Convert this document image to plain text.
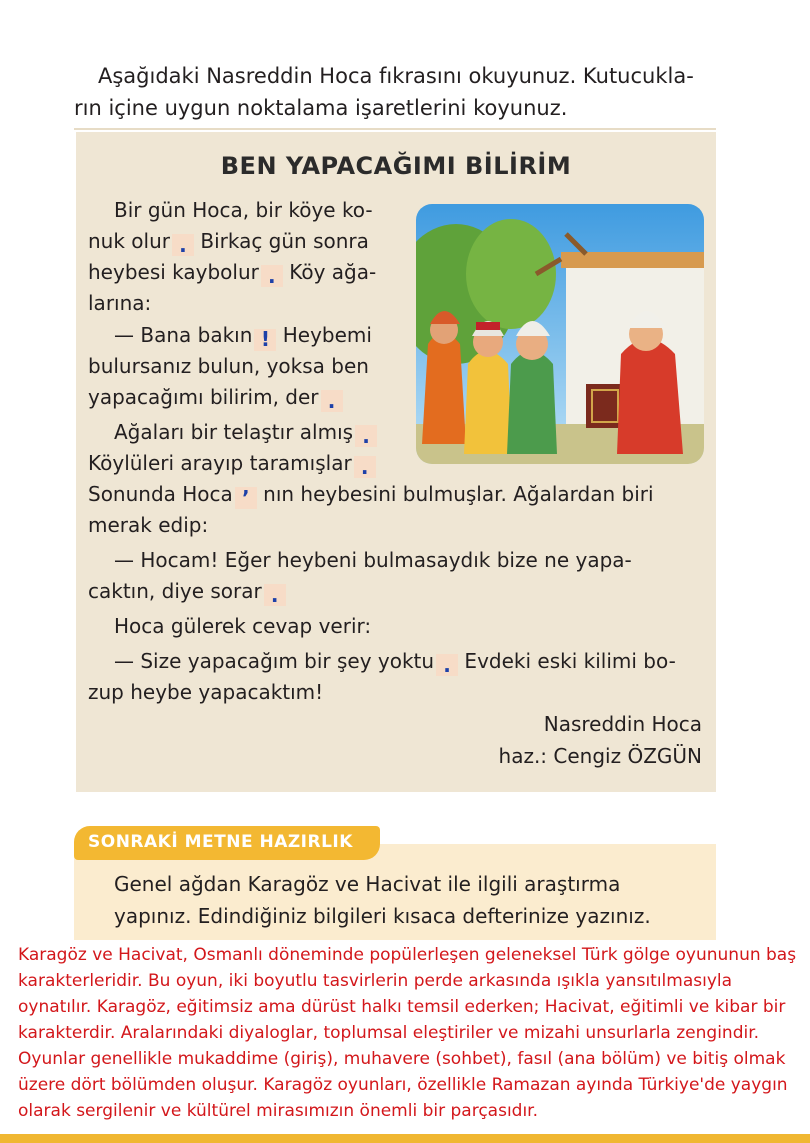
Aşağıdaki Nasreddin Hoca fıkrasını okuyunuz. Kutucukla-
rın içine uygun noktalama işaretlerini koyunuz.
BEN YAPACAĞIMI BİLİRİM
Bir gün Hoca, bir köye ko-
nuk olur . Birkaç gün sonra
heybesi kaybolur . Köy ağa-
larına:
— Bana bakın ! Heybemi
bulursanız bulun, yoksa ben
yapacağımı bilirim, der .
Ağaları bir telaştır almış .
Köylüleri arayıp taramışlar .
Sonunda Hoca ’ nın heybesini bulmuşlar. Ağalardan biri
merak edip:
— Hocam! Eğer heybeni bulmasaydık bize ne yapa-
caktın, diye sorar .
Hoca gülerek cevap verir:
— Size yapacağım bir şey yoktu . Evdeki eski kilimi bo-
zup heybe yapacaktım!
Nasreddin Hoca
haz.: Cengiz ÖZGÜN

Genel ağdan Karagöz ve Hacivat ile ilgili araştırma yapınız. Edindiğiniz bilgileri kısaca defterinize yazınız.

SONRAKİ METNE HAZIRLIK
Karagöz ve Hacivat, Osmanlı döneminde popülerleşen geleneksel Türk gölge oyununun baş karakterleridir. Bu oyun, iki boyutlu tasvirlerin perde arkasında ışıkla yansıtılmasıyla oynatılır. Karagöz, eğitimsiz ama dürüst halkı temsil ederken; Hacivat, eğitimli ve kibar bir karakterdir. Aralarındaki diyaloglar, toplumsal eleştiriler ve mizahi unsurlarla zengindir. Oyunlar genellikle mukaddime (giriş), muhavere (sohbet), fasıl (ana bölüm) ve bitiş olmak üzere dört bölümden oluşur. Karagöz oyunları, özellikle Ramazan ayında Türkiye'de yaygın olarak sergilenir ve kültürel mirasımızın önemli bir parçasıdır.
